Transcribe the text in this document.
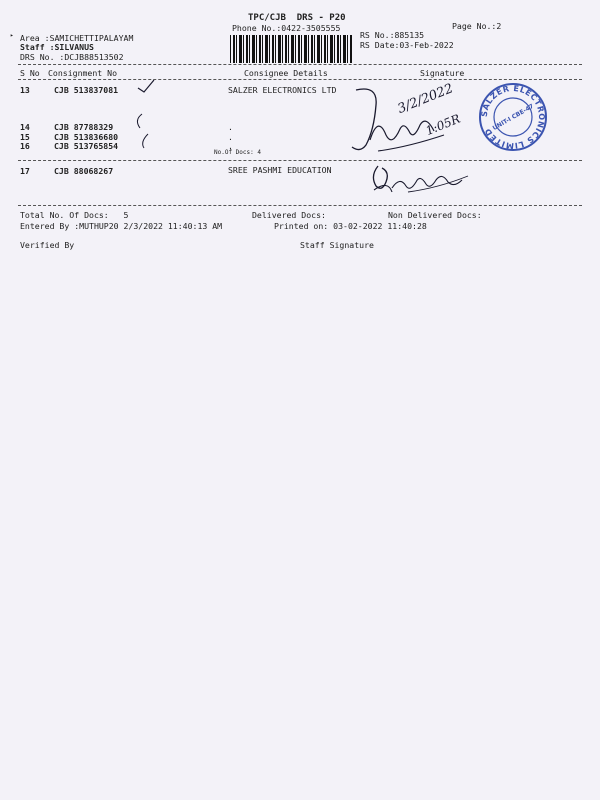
TPC/CJB  DRS - P20
Phone No.:0422-3505555	Page No.:2
▸ Area :SAMICHETTIPALAYAM
Staff :SILVANUS
DRS No. :DCJB88513502
RS No.:885135
RS Date:03-Feb-2022
S No Consignment No	Consignee Details	Signature
13	CJB 513837081	SALZER ELECTRONICS LTD
14	CJB 87788329	.
15	CJB 513836680	.
16	CJB 513765854	.
No.Of Docs: 4
17	CJB 88068267	SREE PASHMI EDUCATION
3/2/2022
1:05R SALZER ELECTRONICS LIMITED
UNIT-I CBE-47
Total No. Of Docs:   5	Delivered Docs:	Non Delivered Docs:
Entered By :MUTHUP20 2/3/2022 11:40:13 AM	Printed on: 03-02-2022 11:40:28
Verified By	Staff Signature
